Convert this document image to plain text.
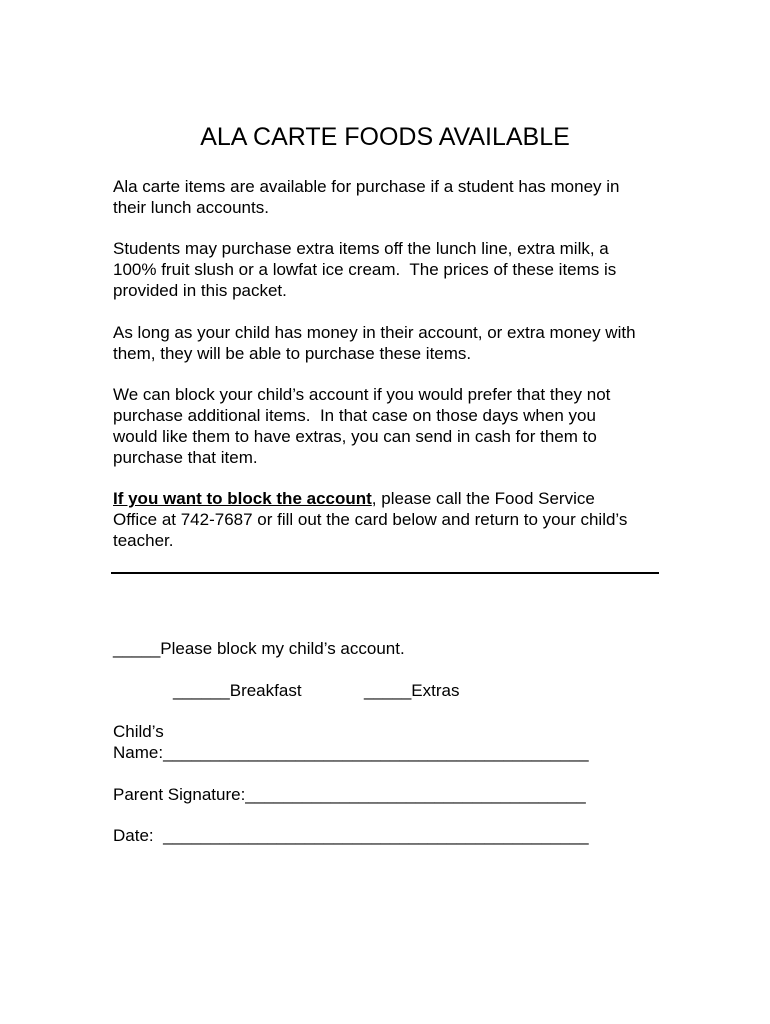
ALA CARTE FOODS AVAILABLE
Ala carte items are available for purchase if a student has money in
their lunch accounts.
Students may purchase extra items off the lunch line, extra milk, a
100% fruit slush or a lowfat ice cream.  The prices of these items is
provided in this packet.
As long as your child has money in their account, or extra money with
them, they will be able to purchase these items.
We can block your child’s account if you would prefer that they not
purchase additional items.  In that case on those days when you
would like them to have extras, you can send in cash for them to
purchase that item.
If you want to block the account, please call the Food Service
Office at 742-7687 or fill out the card below and return to your child’s
teacher.
_____Please block my child’s account.
______Breakfast	_____Extras
Child’s
Name:_____________________________________________
Parent Signature:____________________________________
Date:  _____________________________________________
